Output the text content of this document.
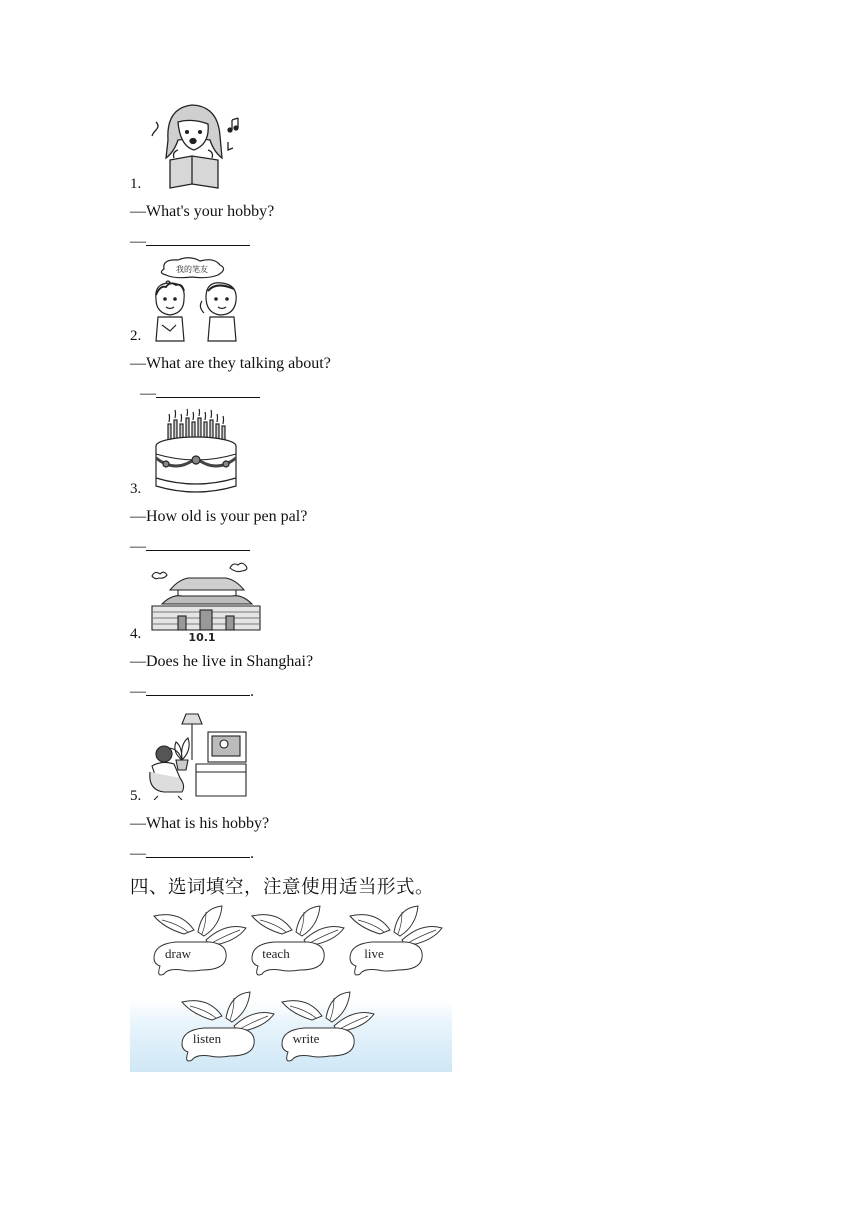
1.
—What's your hobby?
—
我的笔友
2.
—What are they talking about?
—
3.
—How old is your pen pal?
—
10.1
4.
—Does he live in Shanghai?
—	.
5.
—What is his hobby?
—	.
四、选词填空，注意使用适当形式。
draw	teach	live
listen	write
